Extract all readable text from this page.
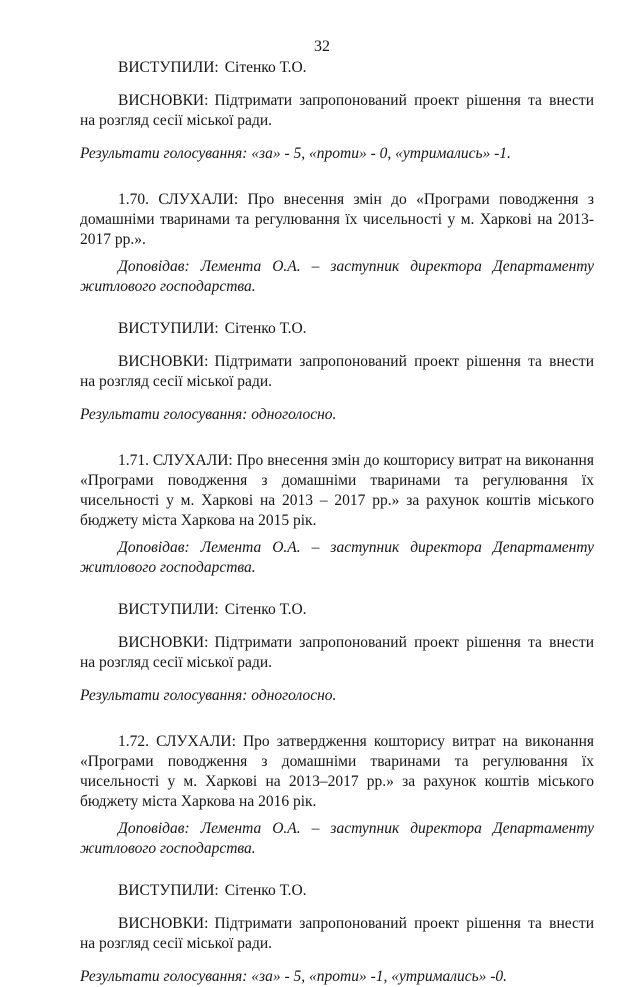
32

ВИСТУПИЛИ: Сітенко Т.О.

ВИСНОВКИ: Підтримати запропонований проект рішення та внести на розгляд сесії міської ради.

Результати голосування: «за» - 5, «проти» - 0, «утримались» -1.

1.70. СЛУХАЛИ: Про внесення змін до «Програми поводження з домашніми тваринами та регулювання їх чисельності у м. Харкові на 2013-2017 рр.».

Доповідав: Лемента О.А. – заступник директора Департаменту житлового господарства.

ВИСТУПИЛИ: Сітенко Т.О.

ВИСНОВКИ: Підтримати запропонований проект рішення та внести на розгляд сесії міської ради.

Результати голосування: одноголосно.

1.71. СЛУХАЛИ: Про внесення змін до кошторису витрат на виконання «Програми поводження з домашніми тваринами та регулювання їх чисельності у м. Харкові на 2013 – 2017 рр.» за рахунок коштів міського бюджету міста Харкова на 2015 рік.

Доповідав: Лемента О.А. – заступник директора Департаменту житлового господарства.

ВИСТУПИЛИ: Сітенко Т.О.

ВИСНОВКИ: Підтримати запропонований проект рішення та внести на розгляд сесії міської ради.

Результати голосування: одноголосно.

1.72. СЛУХАЛИ: Про затвердження кошторису витрат на виконання «Програми поводження з домашніми тваринами та регулювання їх чисельності у м. Харкові на 2013–2017 рр.» за рахунок коштів міського бюджету міста Харкова на 2016 рік.

Доповідав: Лемента О.А. – заступник директора Департаменту житлового господарства.

ВИСТУПИЛИ: Сітенко Т.О.

ВИСНОВКИ: Підтримати запропонований проект рішення та внести на розгляд сесії міської ради.

Результати голосування: «за» - 5, «проти» -1, «утримались» -0.
